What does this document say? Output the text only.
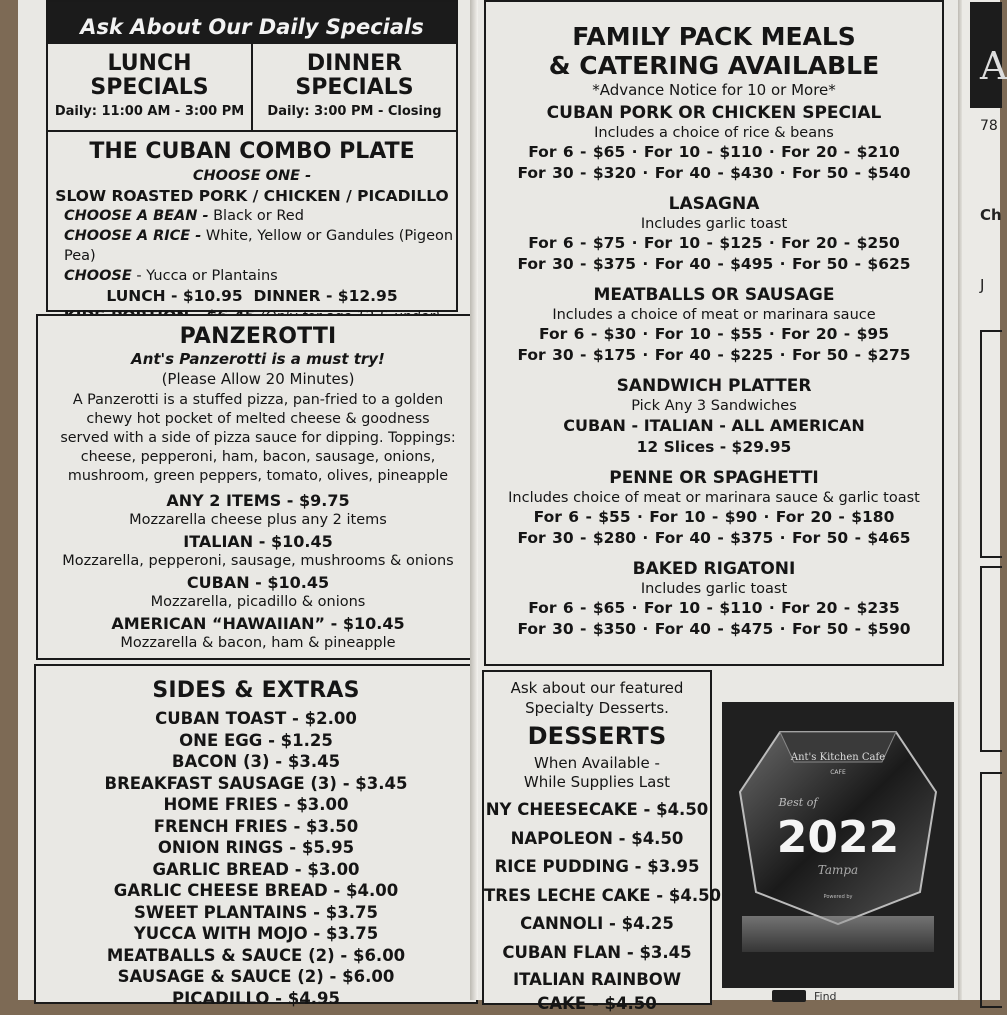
Ask About Our Daily Specials
LUNCH
SPECIALS
Daily: 11:00 AM - 3:00 PM
DINNER
SPECIALS
Daily: 3:00 PM - Closing
THE CUBAN COMBO PLATE
CHOOSE ONE -
SLOW ROASTED PORK / CHICKEN / PICADILLO
CHOOSE A BEAN - Black or Red
CHOOSE A RICE - White, Yellow or Gandules (Pigeon Pea)
CHOOSE - Yucca or Plantains
LUNCH - $10.95 DINNER - $12.95
PANZEROTTI
Ant's Panzerotti is a must try!
(Please Allow 20 Minutes)
A Panzerotti is a stuffed pizza, pan-fried to a golden chewy hot pocket of melted cheese & goodness served with a side of pizza sauce for dipping. Toppings: cheese, pepperoni, ham, bacon, sausage, onions, mushroom, green peppers, tomato, olives, pineapple
ANY 2 ITEMS - $9.75
Mozzarella cheese plus any 2 items
ITALIAN - $10.45
Mozzarella, pepperoni, sausage, mushrooms & onions
CUBAN - $10.45
Mozzarella, picadillo & onions
AMERICAN “HAWAIIAN” - $10.45
Mozzarella & bacon, ham & pineapple
SIDES & EXTRAS
CUBAN TOAST - $2.00
ONE EGG - $1.25
BACON (3) - $3.45
BREAKFAST SAUSAGE (3) - $3.45
HOME FRIES - $3.00
FRENCH FRIES - $3.50
ONION RINGS - $5.95
GARLIC BREAD - $3.00
GARLIC CHEESE BREAD - $4.00
SWEET PLANTAINS - $3.75
YUCCA WITH MOJO - $3.75
MEATBALLS & SAUCE (2) - $6.00
SAUSAGE & SAUCE (2) - $6.00
PICADILLO - $4.95
FAMILY PACK MEALS
& CATERING AVAILABLE
*Advance Notice for 10 or More*
CUBAN PORK OR CHICKEN SPECIAL
Includes a choice of rice & beans
For 6 - $65 · For 10 - $110 · For 20 - $210
For 30 - $320 · For 40 - $430 · For 50 - $540
LASAGNA
Includes garlic toast
For 6 - $75 · For 10 - $125 · For 20 - $250
For 30 - $375 · For 40 - $495 · For 50 - $625
MEATBALLS OR SAUSAGE
Includes a choice of meat or marinara sauce
For 6 - $30 · For 10 - $55 · For 20 - $95
For 30 - $175 · For 40 - $225 · For 50 - $275
SANDWICH PLATTER
Pick Any 3 Sandwiches
CUBAN - ITALIAN - ALL AMERICAN
12 Slices - $29.95
PENNE OR SPAGHETTI
Includes choice of meat or marinara sauce & garlic toast
For 6 - $55 · For 10 - $90 · For 20 - $180
For 30 - $280 · For 40 - $375 · For 50 - $465
BAKED RIGATONI
Includes garlic toast
For 6 - $65 · For 10 - $110 · For 20 - $235
For 30 - $350 · For 40 - $475 · For 50 - $590
Ask about our featured
Specialty Desserts.
DESSERTS
When Available -
While Supplies Last
NY CHEESECAKE - $4.50
NAPOLEON - $4.50
RICE PUDDING - $3.95
TRES LECHE CAKE - $4.50
CANNOLI - $4.25
CUBAN FLAN - $3.45
ITALIAN RAINBOW
CAKE - $4.50
Ant's Kitchen Cafe
CAFE
Best of
2022
Tampa
Powered by
Find
A
78
Ch
J
